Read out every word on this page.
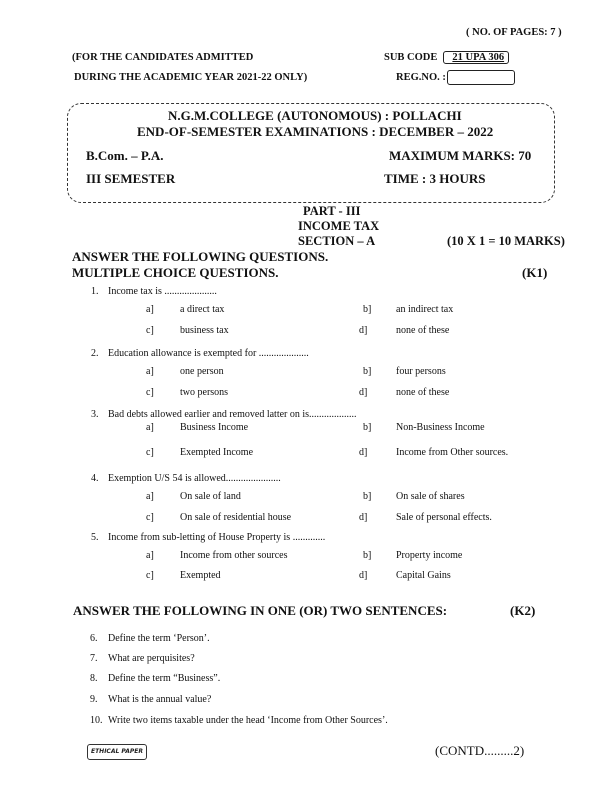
( NO. OF PAGES: 7 )
(FOR THE CANDIDATES ADMITTED
DURING THE ACADEMIC YEAR 2021-22 ONLY)
SUB CODE 21 UPA 306
REG.NO. :
N.G.M.COLLEGE (AUTONOMOUS) : POLLACHI
END-OF-SEMESTER EXAMINATIONS : DECEMBER – 2022
B.Com. – P.A.	MAXIMUM MARKS: 70
III SEMESTER	TIME : 3 HOURS
PART - III
INCOME TAX
SECTION – A	(10 X 1 = 10 MARKS)
ANSWER THE FOLLOWING QUESTIONS.
MULTIPLE CHOICE QUESTIONS.	(K1)
1. Income tax is .....................
a]	a direct tax	b] an indirect tax
c]	business tax	d]	none of these
2. Education allowance is exempted for ....................
a]	one person	b] four persons
c]	two persons	d]	none of these
3. Bad debts allowed earlier and removed latter on is...................
a]	Business Income	b] Non-Business Income
c]	Exempted Income	d]	Income from Other sources.
4. Exemption U/S 54 is allowed......................
a]	On sale of land	b] On sale of shares
c]	On sale of residential house	d]	Sale of personal effects.
5. Income from sub-letting of House Property is .............
a]	Income from other sources	b] Property income
c]	Exempted	d]	Capital Gains
ANSWER THE FOLLOWING IN ONE (OR) TWO SENTENCES:	(K2)
6. Define the term ‘Person’.
7. What are perquisites?
8. Define the term “Business”.
9. What is the annual value?
10. Write two items taxable under the head ‘Income from Other Sources’.
ETHICAL PAPER	(CONTD.........2)
